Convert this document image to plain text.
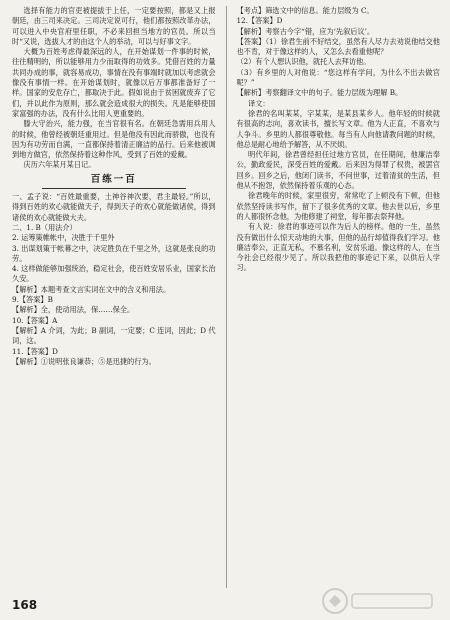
选择有能力的官吏被提拔于上任，一定要按照，都是又上报朝廷，由三司来决定。三司决定说可行，他们都按照改革办法，可以进入中央官府里任职，不必来回担当地方的官员。所以当时“又说，选拔人才的由这个人的举动，可以与好事文字。

大概为百姓考虑得最深远的人，在开始谋划一件事的时候，往往精明的，所以能够用力少而取得的功效多。凭借百姓的力量共同办成的事，就容易成功，事情在没有事端时就加以考虑就会像没有事情一样。在开始谋划时，就像以后万事都准备好了一样。国家的安危存亡，都取决于此。假如说由于贫困就废弃了它们，并以此作为原则，那么就会造成很大的损失。凡是能够使国家富强的办法，没有什么比用人更重要的。

滕大守治兴，能力强，在当官很有名。在朝廷急需用兵用人的时候，他曾经被朝廷重用过。但是他没有因此而骄傲，也没有因为有功劳而自满，一直都保持着清正廉洁的品行。后来他被调到地方做官，依然保持着这种作风，受到了百姓的爱戴。

庆历六年某月某日记。

百练一百

一、孟子说：“百姓最重要，土神谷神次要，君主最轻。”所以，得到百姓的欢心就能做天子，得到天子的欢心就能做诸侯，得到诸侯的欢心就能做大夫。

二、1. B（用法介）

2. 运筹策帷帐中，决胜于千里外

3. 出谋划策于帐幕之中，决定胜负在千里之外，这就是张良的功劳。

4. 这样做能够加强统治，稳定社会，使百姓安居乐业，国家长治久安。

【解析】本题考查文言实词在文中的含义和用法。

9.【答案】B

【解析】全，使动用法，保……保全。

10.【答案】A

【解析】A 介词，为此；B 副词，一定要；C 连词，因此；D 代词，这。

11.【答案】D

【解析】①说明张良谦恭；⑤是迅捷的行为。

【考点】筛选文中的信息。能力层级为 C。

12.【答案】D

【解析】考察古今字“错，应为‘先叙后议’。

【答案】（1）徐君生前不好结交，虽然有人尽力去劝说他结交他也不肯，对于像这样的人，又怎么去看重他呢？

（2）有个人想认识他，就托人去拜访他。

（3）有乡里的人对他说：“您这样有学问，为什么不出去做官呢？”

【解析】考察翻译文中的句子。能力层级为理解 B。

译文：

徐君的名叫某某，字某某，是某县某乡人。他年轻的时候就有很高的志向，喜欢读书，擅长写文章。他为人正直，不喜欢与人争斗。乡里的人都很尊敬他。每当有人向他请教问题的时候，他总是耐心地给予解答，从不厌烦。

明代年间，徐君曾经担任过地方官员，在任期间，他廉洁奉公，勤政爱民，深受百姓的爱戴。后来因为得罪了权贵，被罢官回乡。回乡之后，他闭门读书，不问世事，过着清贫的生活，但他从不抱怨，依然保持着乐观的心态。

徐君晚年的时候，家里很穷，常常吃了上顿没有下顿，但他依然坚持读书写作，留下了很多优秀的文章。他去世以后，乡里的人都很怀念他，为他修建了祠堂，每年都去祭拜他。

有人说：徐君的事迹可以作为后人的榜样。他的一生，虽然没有做出什么惊天动地的大事，但他的品行却值得我们学习。他廉洁奉公，正直无私，不慕名利，安贫乐道。像这样的人，在当今社会已经很少见了。所以我把他的事迹记下来，以供后人学习。

168
